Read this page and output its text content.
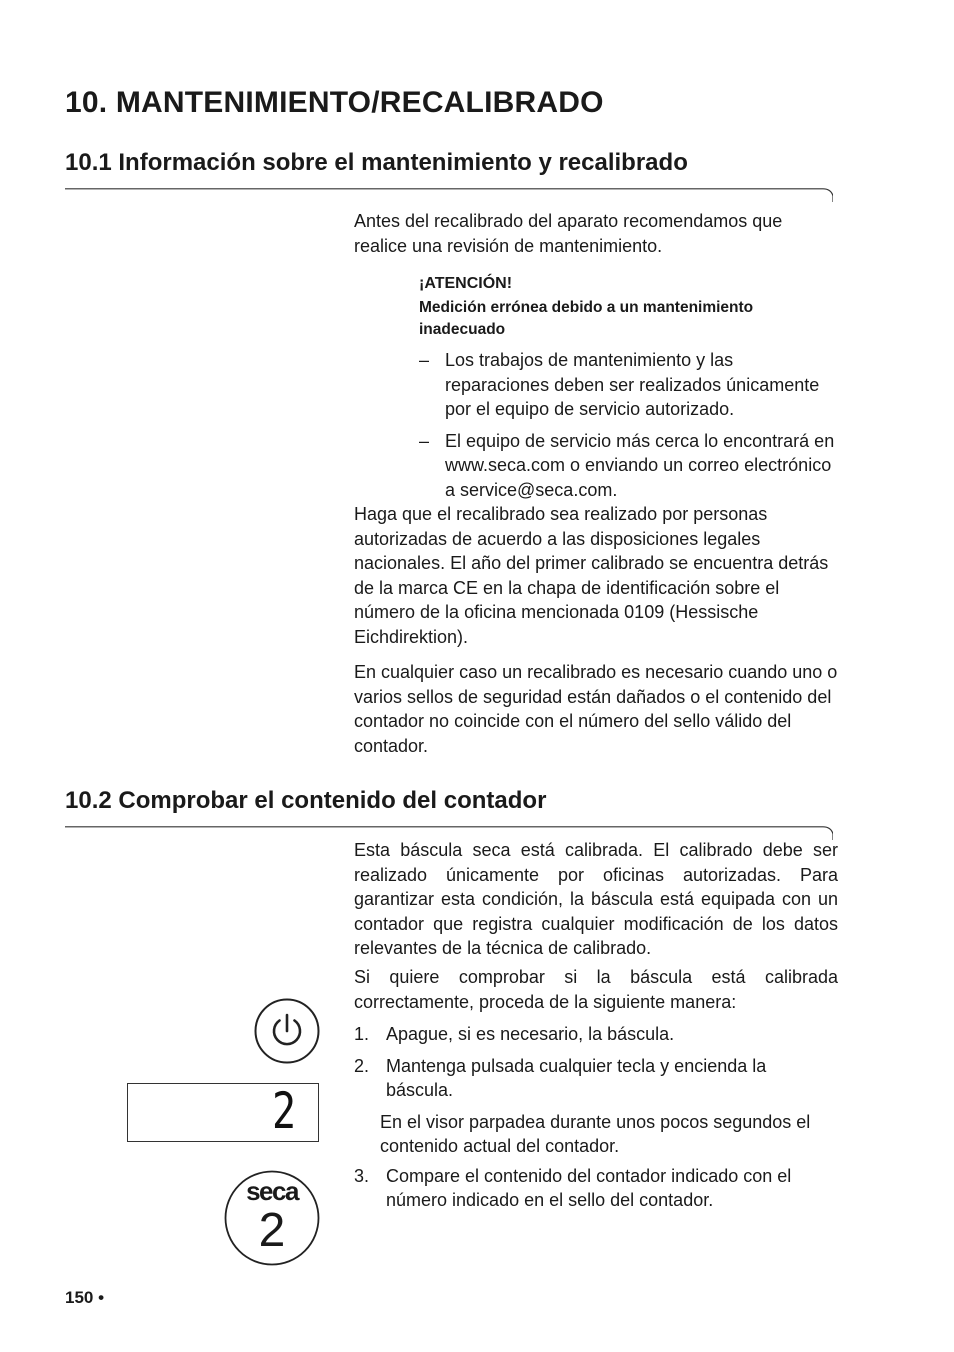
10. MANTENIMIENTO/RECALIBRADO
10.1 Información sobre el mantenimiento y recalibrado
Antes del recalibrado del aparato recomendamos que realice una revisión de mantenimiento.
¡ATENCIÓN!
Medición errónea debido a un mantenimiento inadecuado
– Los trabajos de mantenimiento y las reparaciones deben ser realizados únicamente por el equipo de servicio autorizado.
– El equipo de servicio más cerca lo encontrará en www.seca.com o enviando un correo electrónico a service@seca.com.
Haga que el recalibrado sea realizado por personas autorizadas de acuerdo a las disposiciones legales nacionales. El año del primer calibrado se encuentra detrás de la marca CE en la chapa de identificación sobre el número de la oficina mencionada 0109 (Hessische Eichdirektion).
En cualquier caso un recalibrado es necesario cuando uno o varios sellos de seguridad están dañados o el contenido del contador no coincide con el número del sello válido del contador.
10.2 Comprobar el contenido del contador
Esta báscula seca está calibrada. El calibrado debe ser realizado únicamente por oficinas autorizadas. Para garantizar esta condición, la báscula está equipada con un contador que registra cualquier modificación de los datos relevantes de la técnica de calibrado.
Si quiere comprobar si la báscula está calibrada correctamente, proceda de la siguiente manera:
1. Apague, si es necesario, la báscula.
2. Mantenga pulsada cualquier tecla y encienda la báscula.
En el visor parpadea durante unos pocos segundos el contenido actual del contador.
3. Compare el contenido del contador indicado con el número indicado en el sello del contador.
2
seca
2
150 •
